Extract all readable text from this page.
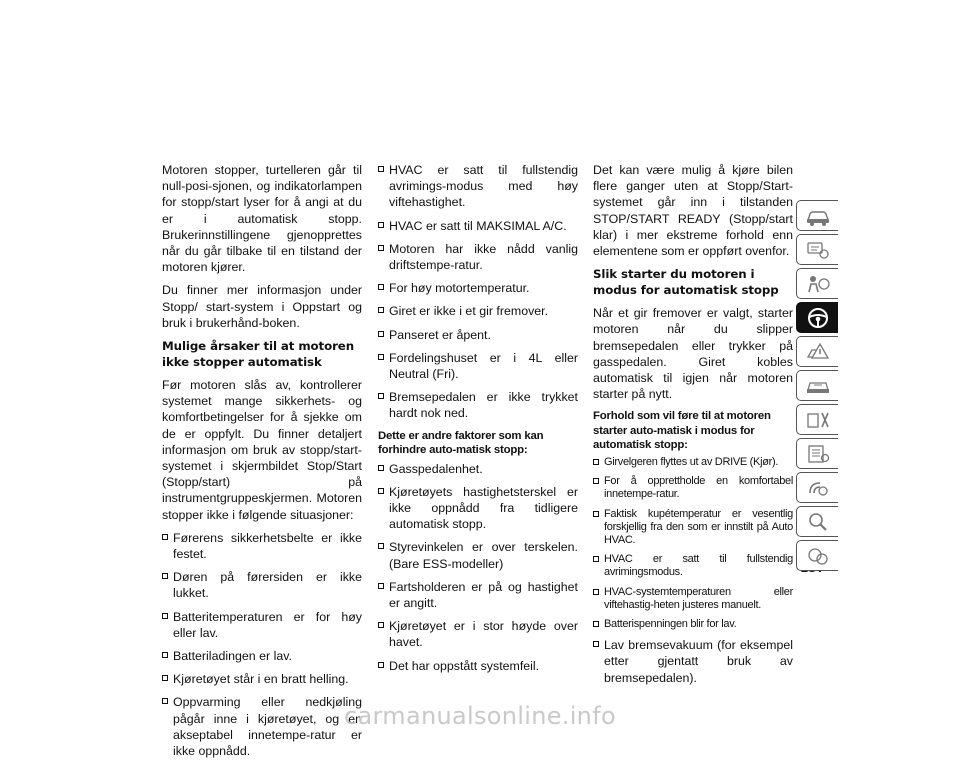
Motoren stopper, turtelleren går til null-posi-sjonen, og indikatorlampen for stopp/start lyser for å angi at du er i automatisk stopp. Brukerinnstillingene gjenopprettes når du går tilbake til en tilstand der motoren kjører.

Du finner mer informasjon under Stopp/ start-system i Oppstart og bruk i brukerhånd-boken.

Mulige årsaker til at motoren ikke stopper automatisk

Før motoren slås av, kontrollerer systemet mange sikkerhets- og komfortbetingelser for å sjekke om de er oppfylt. Du finner detaljert informasjon om bruk av stopp/start-systemet i skjermbildet Stop/Start (Stopp/start) på instrumentgruppeskjermen. Motoren stopper ikke i følgende situasjoner:

Førerens sikkerhetsbelte er ikke festet.
Døren på førersiden er ikke lukket.
Batteritemperaturen er for høy eller lav.
Batteriladingen er lav.
Kjøretøyet står i en bratt helling.
Oppvarming eller nedkjøling pågår inne i kjøretøyet, og en akseptabel innetempe-ratur er ikke oppnådd.
HVAC er satt til fullstendig avrimings-modus med høy viftehastighet.
HVAC er satt til MAKSIMAL A/C.
Motoren har ikke nådd vanlig driftstempe-ratur.
For høy motortemperatur.
Giret er ikke i et gir fremover.
Panseret er åpent.
Fordelingshuset er i 4L eller Neutral (Fri).
Bremsepedalen er ikke trykket hardt nok ned.
Dette er andre faktorer som kan forhindre auto-matisk stopp:
Gasspedalenhet.
Kjøretøyets hastighetsterskel er ikke oppnådd fra tidligere automatisk stopp.
Styrevinkelen er over terskelen. (Bare ESS-modeller)
Fartsholderen er på og hastighet er angitt.
Kjøretøyet er i stor høyde over havet.
Det har oppstått systemfeil.

Det kan være mulig å kjøre bilen flere ganger uten at Stopp/Start-systemet går inn i tilstanden STOP/START READY (Stopp/start klar) i mer ekstreme forhold enn elementene som er oppført ovenfor.

Slik starter du motoren i modus for automatisk stopp

Når et gir fremover er valgt, starter motoren når du slipper bremsepedalen eller trykker på gasspedalen. Giret kobles automatisk til igjen når motoren starter på nytt.

Forhold som vil føre til at motoren starter auto-matisk i modus for automatisk stopp:
Girvelgeren flyttes ut av DRIVE (Kjør).
For å opprettholde en komfortabel innetempe-ratur.
Faktisk kupétemperatur er vesentlig forskjellig fra den som er innstilt på Auto HVAC.
HVAC er satt til fullstendig avrimingsmodus.
HVAC-systemtemperaturen eller viftehastig-heten justeres manuelt.
Batterispenningen blir for lav.
Lav bremsevakuum (for eksempel etter gjentatt bruk av bremsepedalen).
carmanualsonline.info
